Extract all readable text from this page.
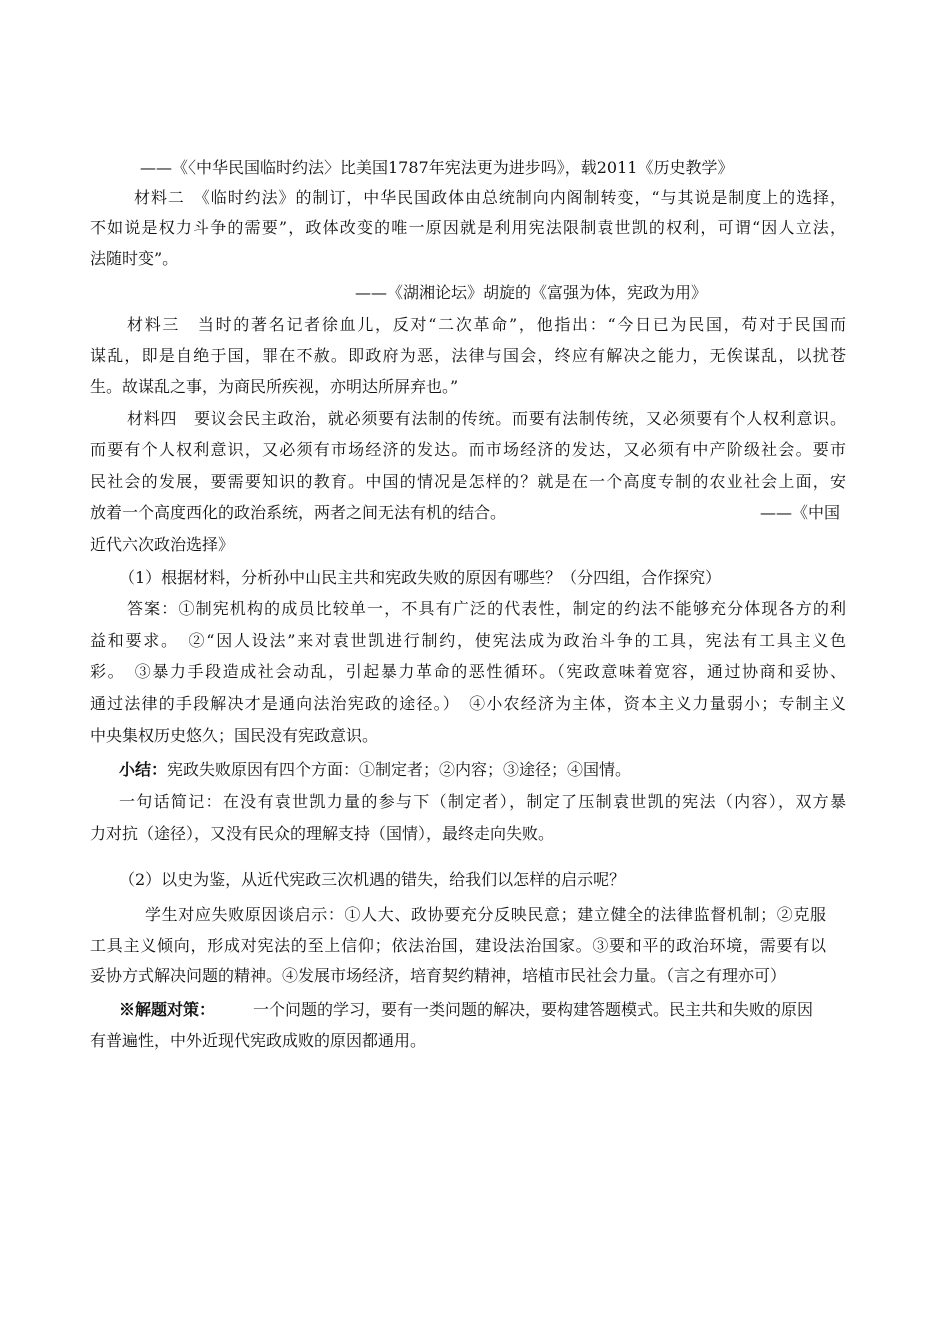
——《〈中华民国临时约法〉比美国1787年宪法更为进步吗》，载2011《历史教学》
材料二　《临时约法》的制订，中华民国政体由总统制向内阁制转变，“与其说是制度上的选择，
不如说是权力斗争的需要”，政体改变的唯一原因就是利用宪法限制袁世凯的权利，可谓“因人立法，
法随时变”。
——《湖湘论坛》胡旋的《富强为体，宪政为用》
材料三　当时的著名记者徐血儿，反对“二次革命”，他指出：“今日已为民国，苟对于民国而
谋乱，即是自绝于国，罪在不赦。即政府为恶，法律与国会，终应有解决之能力，无俟谋乱，以扰苍
生。故谋乱之事，为商民所疾视，亦明达所屏弃也。”
材料四　要议会民主政治，就必须要有法制的传统。而要有法制传统，又必须要有个人权利意识。
而要有个人权利意识，又必须有市场经济的发达。而市场经济的发达，又必须有中产阶级社会。要市
民社会的发展，要需要知识的教育。中国的情况是怎样的？就是在一个高度专制的农业社会上面，安
放着一个高度西化的政治系统，两者之间无法有机的结合。	——《中国
近代六次政治选择》
（1）根据材料，分析孙中山民主共和宪政失败的原因有哪些？（分四组，合作探究）
答案：①制宪机构的成员比较单一，不具有广泛的代表性，制定的约法不能够充分体现各方的利
益和要求。　②“因人设法”来对袁世凯进行制约，使宪法成为政治斗争的工具，宪法有工具主义色
彩。　③暴力手段造成社会动乱，引起暴力革命的恶性循环。（宪政意味着宽容，通过协商和妥协、
通过法律的手段解决才是通向法治宪政的途径。）　④小农经济为主体，资本主义力量弱小；专制主义
中央集权历史悠久；国民没有宪政意识。
小结：宪政失败原因有四个方面：①制定者；②内容；③途径；④国情。
一句话简记：在没有袁世凯力量的参与下（制定者），制定了压制袁世凯的宪法（内容），双方暴
力对抗（途径），又没有民众的理解支持（国情），最终走向失败。
（2）以史为鉴，从近代宪政三次机遇的错失，给我们以怎样的启示呢？
学生对应失败原因谈启示：①人大、政协要充分反映民意；建立健全的法律监督机制；②克服
工具主义倾向，形成对宪法的至上信仰；依法治国，建设法治国家。③要和平的政治环境，需要有以
妥协方式解决问题的精神。④发展市场经济，培育契约精神，培植市民社会力量。（言之有理亦可）
※解题对策： 一个问题的学习，要有一类问题的解决，要构建答题模式。民主共和失败的原因
有普遍性，中外近现代宪政成败的原因都通用。
